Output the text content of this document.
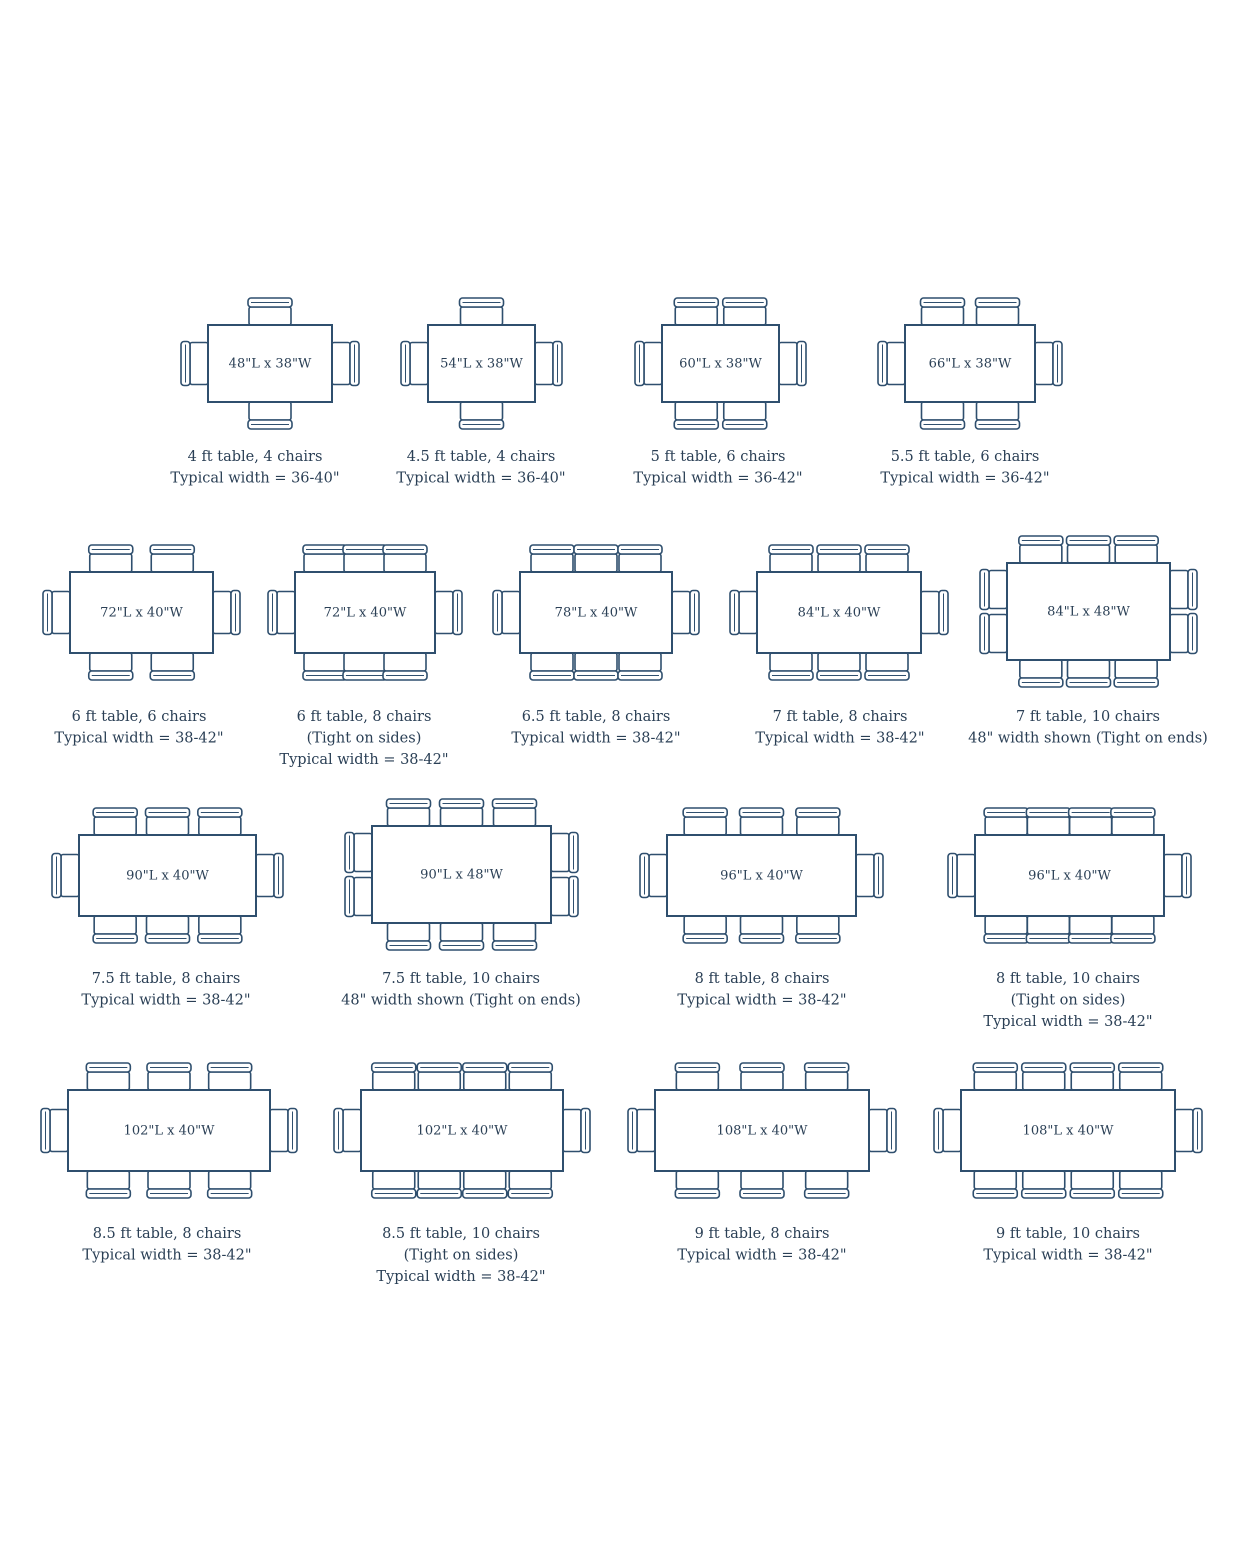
48"L x 38"W
4 ft table, 4 chairs
Typical width = 36-40"
54"L x 38"W
4.5 ft table, 4 chairs
Typical width = 36-40"
60"L x 38"W
5 ft table, 6 chairs
Typical width = 36-42"
66"L x 38"W
5.5 ft table, 6 chairs
Typical width = 36-42"
72"L x 40"W
6 ft table, 6 chairs
Typical width = 38-42"
72"L x 40"W
6 ft table, 8 chairs
(Tight on sides)
Typical width = 38-42"
78"L x 40"W
6.5 ft table, 8 chairs
Typical width = 38-42"
84"L x 40"W
7 ft table, 8 chairs
Typical width = 38-42"
84"L x 48"W
7 ft table, 10 chairs
48" width shown (Tight on ends)
90"L x 40"W
7.5 ft table, 8 chairs
Typical width = 38-42"
90"L x 48"W
7.5 ft table, 10 chairs
48" width shown (Tight on ends)
96"L x 40"W
8 ft table, 8 chairs
Typical width = 38-42"
96"L x 40"W
8 ft table, 10 chairs
(Tight on sides)
Typical width = 38-42"
102"L x 40"W
8.5 ft table, 8 chairs
Typical width = 38-42"
102"L x 40"W
8.5 ft table, 10 chairs
(Tight on sides)
Typical width = 38-42"
108"L x 40"W
9 ft table, 8 chairs
Typical width = 38-42"
108"L x 40"W
9 ft table, 10 chairs
Typical width = 38-42"
